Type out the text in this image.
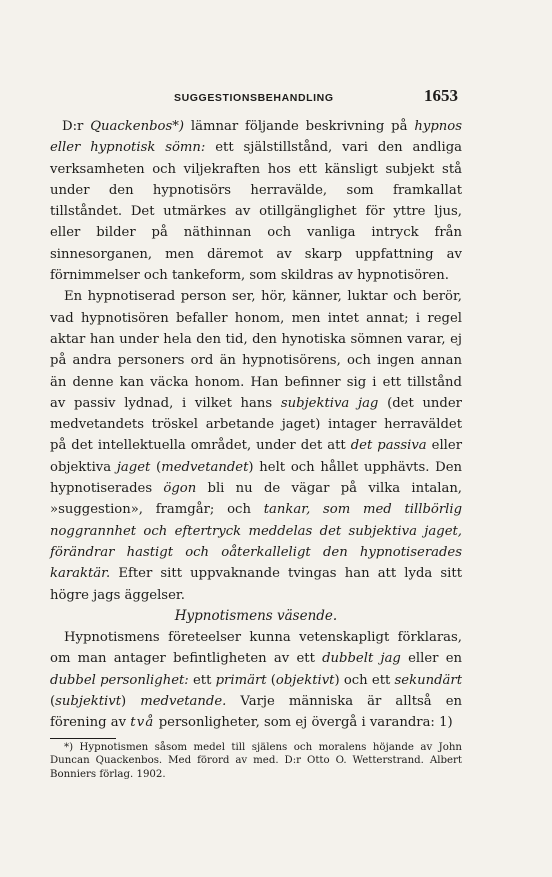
SUGGESTIONSBEHANDLING	1653

D:r Quackenbos*) lämnar följande beskrivning på hypnos eller hypnotisk sömn: ett själstillstånd, vari den andliga verksamheten och viljekraften hos ett känsligt subjekt stå under den hypnotisörs herravälde, som framkallat tillståndet. Det utmärkes av otillgänglighet för yttre ljus, eller bilder på näthinnan och vanliga intryck från sinnesorganen, men däremot av skarp uppfattning av förnimmelser och tankeform, som skildras av hypnotisören.

En hypnotiserad person ser, hör, känner, luktar och berör, vad hypnotisören befaller honom, men intet annat; i regel aktar han under hela den tid, den hynotiska sömnen varar, ej på andra personers ord än hypnotisörens, och ingen annan än denne kan väcka honom. Han befinner sig i ett tillstånd av passiv lydnad, i vilket hans subjektiva jag (det under medvetandets tröskel arbetande jaget) intager herraväldet på det intellektuella området, under det att det passiva eller objektiva jaget (medvetandet) helt och hållet upphävts. Den hypnotiserades ögon bli nu de vägar på vilka intalan, »suggestion», framgår; och tankar, som med tillbörlig noggrannhet och eftertryck meddelas det subjektiva jaget, förändrar hastigt och oåterkalleligt den hypnotiserades karaktär. Efter sitt uppvaknande tvingas han att lyda sitt högre jags äggelser.

Hypnotismens väsende.

Hypnotismens företeelser kunna vetenskapligt förklaras, om man antager befintligheten av ett dubbelt jag eller en dubbel personlighet: ett primärt (objektivt) och ett sekundärt (subjektivt) medvetande. Varje människa är alltså en förening av två personligheter, som ej övergå i varandra: 1)

*) Hypnotismen såsom medel till själens och moralens höjande av John Duncan Quackenbos. Med förord av med. D:r Otto O. Wetterstrand. Albert Bonniers förlag. 1902.
